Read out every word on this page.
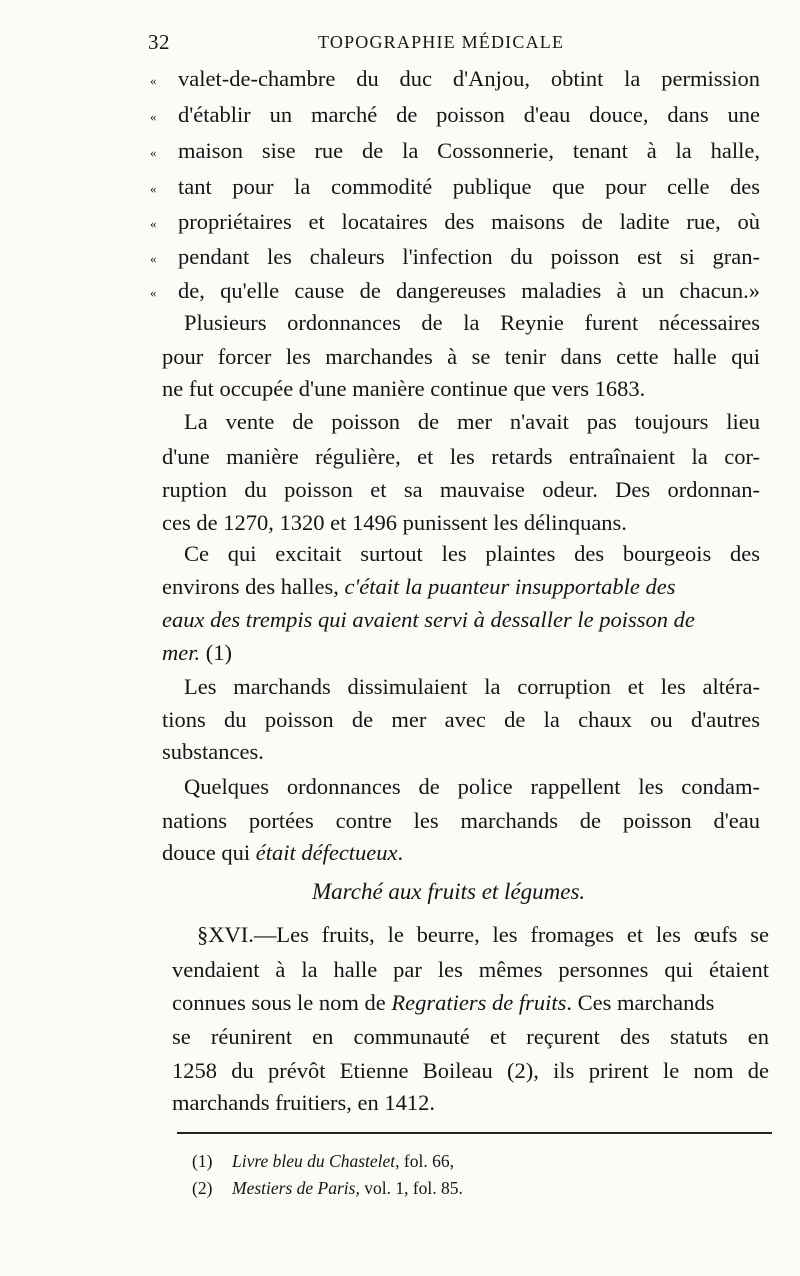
32	TOPOGRAPHIE MÉDICALE
« valet-de-chambre du duc d'Anjou, obtint la permission
« d'établir un marché de poisson d'eau douce, dans une
« maison sise rue de la Cossonnerie, tenant à la halle,
« tant pour la commodité publique que pour celle des
« propriétaires et locataires des maisons de ladite rue, où
« pendant les chaleurs l'infection du poisson est si gran-
« de, qu'elle cause de dangereuses maladies à un chacun.»
Plusieurs ordonnances de la Reynie furent nécessaires
pour forcer les marchandes à se tenir dans cette halle qui
ne fut occupée d'une manière continue que vers 1683.
La vente de poisson de mer n'avait pas toujours lieu
d'une manière régulière, et les retards entraînaient la cor-
ruption du poisson et sa mauvaise odeur. Des ordonnan-
ces de 1270, 1320 et 1496 punissent les délinquans.
Ce qui excitait surtout les plaintes des bourgeois des
environs des halles, c'était la puanteur insupportable des
eaux des trempis qui avaient servi à dessaller le poisson de
mer. (1)
Les marchands dissimulaient la corruption et les altéra-
tions du poisson de mer avec de la chaux ou d'autres
substances.
Quelques ordonnances de police rappellent les condam-
nations portées contre les marchands de poisson d'eau
douce qui était défectueux.
Marché aux fruits et légumes.
§XVI.—Les fruits, le beurre, les fromages et les œufs se
vendaient à la halle par les mêmes personnes qui étaient
connues sous le nom de Regratiers de fruits. Ces marchands
se réunirent en communauté et reçurent des statuts en
1258 du prévôt Etienne Boileau (2), ils prirent le nom de
marchands fruitiers, en 1412.
(1) Livre bleu du Chastelet, fol. 66,
(2) Mestiers de Paris, vol. 1, fol. 85.
